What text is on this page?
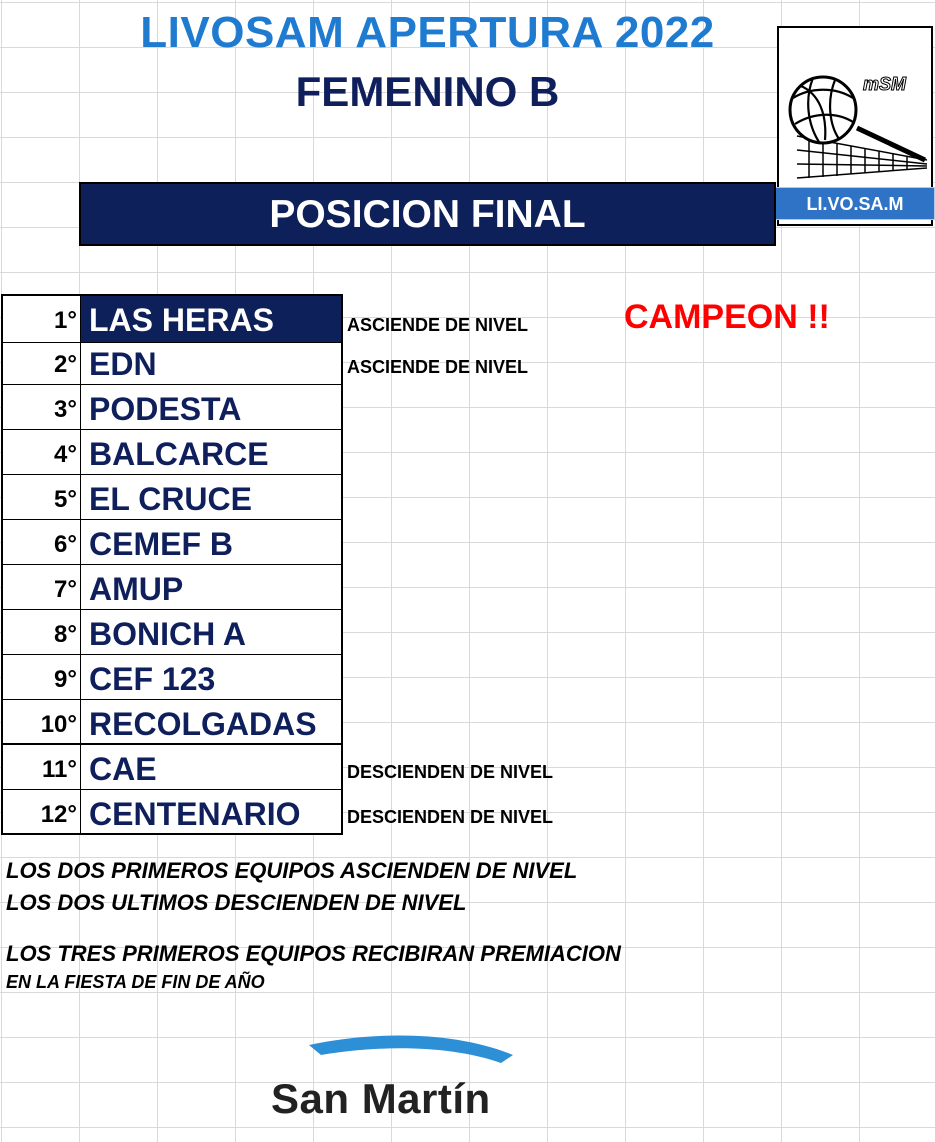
LIVOSAM APERTURA 2022
FEMENINO B	mSM
LI.VO.SA.M
POSICION FINAL
1° LAS HERAS
2° EDN
3° PODESTA
4° BALCARCE
5° EL CRUCE
6° CEMEF B
7° AMUP
8° BONICH A
9° CEF 123
10° RECOLGADAS
11° CAE
12° CENTENARIO
ASCIENDE DE NIVEL
ASCIENDE DE NIVEL
DESCIENDEN DE NIVEL
DESCIENDEN DE NIVEL
CAMPEON !!
LOS DOS PRIMEROS EQUIPOS ASCIENDEN DE NIVEL
LOS DOS ULTIMOS DESCIENDEN DE NIVEL
LOS TRES PRIMEROS EQUIPOS RECIBIRAN PREMIACION
EN LA FIESTA DE FIN DE AÑO
San Martín
